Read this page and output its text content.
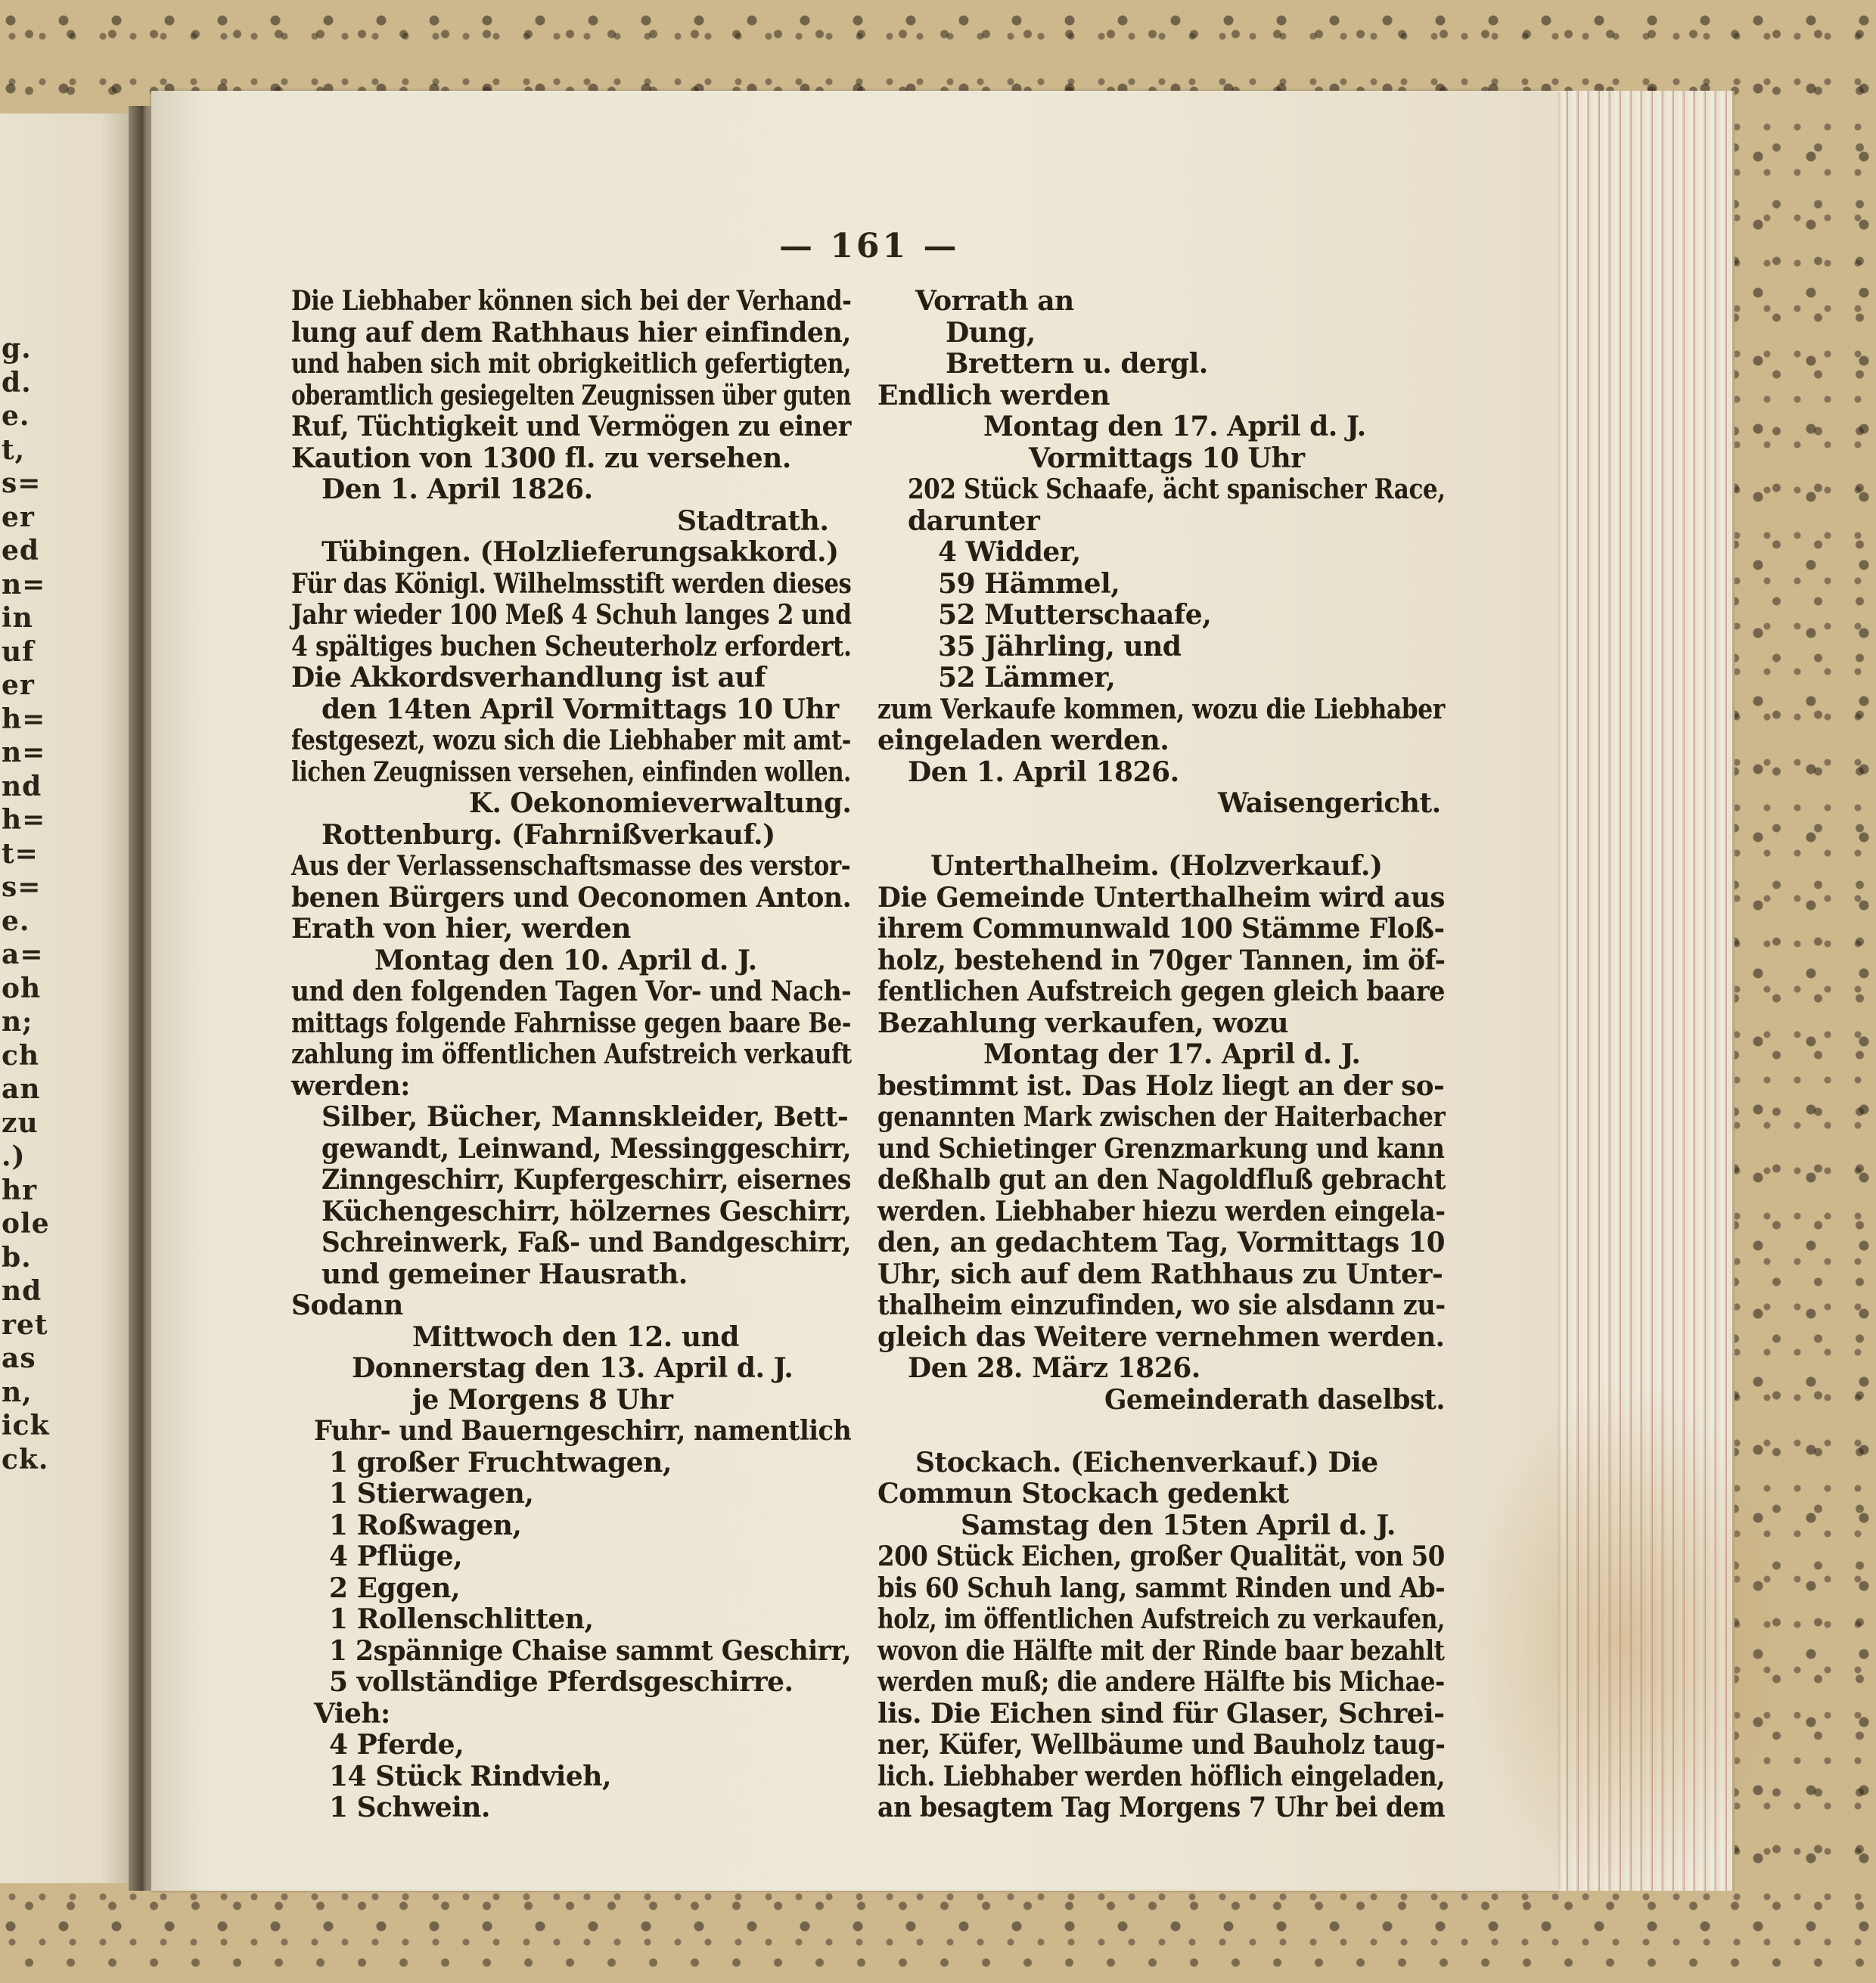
g.
d.
e.
t,
s=
er
ed
n=
in
uf
er
h=
n=
nd
h=
t=
s=
e.
a=
oh
n;
ch
an
zu
.)
hr
ole
b.
nd
ret
as
n,
ick
ck.
— 161 —
Die Liebhaber können sich bei der Verhand-
lung auf dem Rathhaus hier einfinden,
und haben sich mit obrigkeitlich gefertigten,
oberamtlich gesiegelten Zeugnissen über guten
Ruf, Tüchtigkeit und Vermögen zu einer
Kaution von 1300 fl. zu versehen.
Den 1. April 1826.
Stadtrath.
Tübingen. (Holzlieferungsakkord.)
Für das Königl. Wilhelmsstift werden dieses
Jahr wieder 100 Meß 4 Schuh langes 2 und
4 spältiges buchen Scheuterholz erfordert.
Die Akkordsverhandlung ist auf
den 14ten April Vormittags 10 Uhr
festgesezt, wozu sich die Liebhaber mit amt-
lichen Zeugnissen versehen, einfinden wollen.
K. Oekonomieverwaltung.
Rottenburg. (Fahrnißverkauf.)
Aus der Verlassenschaftsmasse des verstor-
benen Bürgers und Oeconomen Anton.
Erath von hier, werden
Montag den 10. April d. J.
und den folgenden Tagen Vor- und Nach-
mittags folgende Fahrnisse gegen baare Be-
zahlung im öffentlichen Aufstreich verkauft
werden:
Silber, Bücher, Mannskleider, Bett-
gewandt, Leinwand, Messinggeschirr,
Zinngeschirr, Kupfergeschirr, eisernes
Küchengeschirr, hölzernes Geschirr,
Schreinwerk, Faß- und Bandgeschirr,
und gemeiner Hausrath.
Sodann
Mittwoch den 12. und
Donnerstag den 13. April d. J.
je Morgens 8 Uhr
Fuhr- und Bauerngeschirr, namentlich
1 großer Fruchtwagen,
1 Stierwagen,
1 Roßwagen,
4 Pflüge,
2 Eggen,
1 Rollenschlitten,
1 2spännige Chaise sammt Geschirr,
5 vollständige Pferdsgeschirre.
Vieh:
4 Pferde,
14 Stück Rindvieh,
1 Schwein.
Vorrath an
Dung,
Brettern u. dergl.
Endlich werden
Montag den 17. April d. J.
Vormittags 10 Uhr
202 Stück Schaafe, ächt spanischer Race,
darunter
4 Widder,
59 Hämmel,
52 Mutterschaafe,
35 Jährling, und
52 Lämmer,
zum Verkaufe kommen, wozu die Liebhaber
eingeladen werden.
Den 1. April 1826.
Waisengericht.
Unterthalheim. (Holzverkauf.)
Die Gemeinde Unterthalheim wird aus
ihrem Communwald 100 Stämme Floß-
holz, bestehend in 70ger Tannen, im öf-
fentlichen Aufstreich gegen gleich baare
Bezahlung verkaufen, wozu
Montag der 17. April d. J.
bestimmt ist. Das Holz liegt an der so-
genannten Mark zwischen der Haiterbacher
und Schietinger Grenzmarkung und kann
deßhalb gut an den Nagoldfluß gebracht
werden. Liebhaber hiezu werden eingela-
den, an gedachtem Tag, Vormittags 10
Uhr, sich auf dem Rathhaus zu Unter-
thalheim einzufinden, wo sie alsdann zu-
gleich das Weitere vernehmen werden.
Den 28. März 1826.
Gemeinderath daselbst.
Stockach. (Eichenverkauf.) Die
Commun Stockach gedenkt
Samstag den 15ten April d. J.
200 Stück Eichen, großer Qualität, von 50
bis 60 Schuh lang, sammt Rinden und Ab-
holz, im öffentlichen Aufstreich zu verkaufen,
wovon die Hälfte mit der Rinde baar bezahlt
werden muß; die andere Hälfte bis Michae-
lis. Die Eichen sind für Glaser, Schrei-
ner, Küfer, Wellbäume und Bauholz taug-
lich. Liebhaber werden höflich eingeladen,
an besagtem Tag Morgens 7 Uhr bei dem
